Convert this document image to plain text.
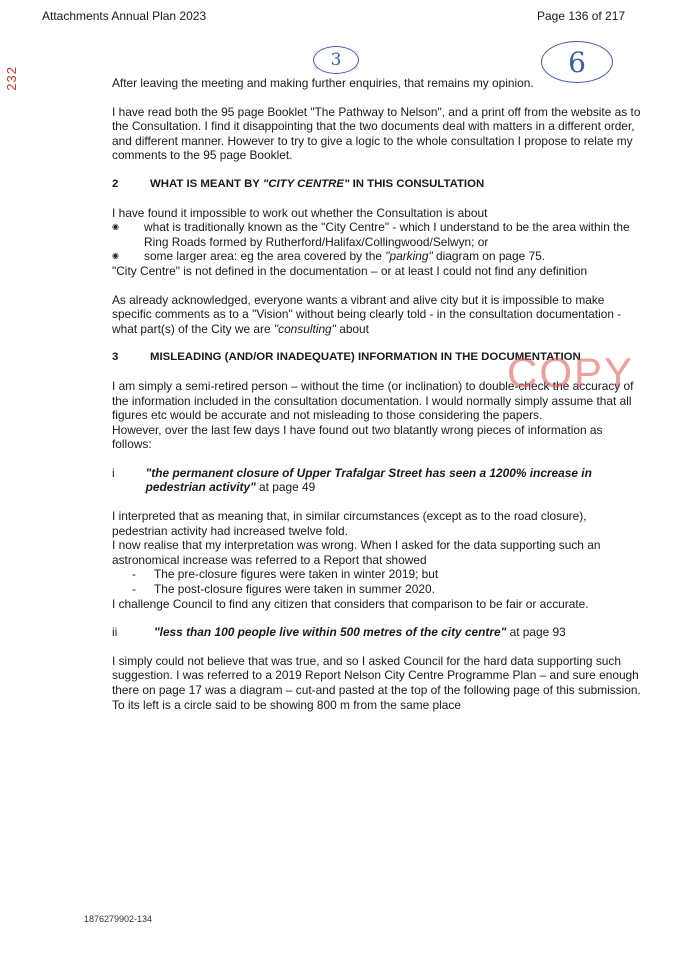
Attachments Annual Plan 2023	Page 136 of 217
232
3	6

After leaving the meeting and making further enquiries, that remains my opinion.

I have read both the 95 page Booklet "The Pathway to Nelson", and a print off from the website as to the Consultation. I find it disappointing that the two documents deal with matters in a different order, and different manner. However to try to give a logic to the whole consultation I propose to relate my comments to the 95 page Booklet.

2	WHAT IS MEANT BY "CITY CENTRE" IN THIS CONSULTATION

I have found it impossible to work out whether the Consultation is about

◉ what is traditionally known as the "City Centre" - which I understand to be the area within the Ring Roads formed by Rutherford/Halifax/Collingwood/Selwyn; or
◉ some larger area: eg the area covered by the "parking" diagram on page 75.

"City Centre" is not defined in the documentation – or at least I could not find any definition

As already acknowledged, everyone wants a vibrant and alive city but it is impossible to make specific comments as to a "Vision" without being clearly told - in the consultation documentation - what part(s) of the City we are "consulting" about

3	MISLEADING (AND/OR INADEQUATE) INFORMATION IN THE DOCUMENTATION

I am simply a semi-retired person – without the time (or inclination) to double-check the accuracy of the information included in the consultation documentation. I would normally simply assume that all figures etc would be accurate and not misleading to those considering the papers.

However, over the last few days I have found out two blatantly wrong pieces of information as follows:

i	"the permanent closure of Upper Trafalgar Street has seen a 1200% increase in pedestrian activity" at page 49

I interpreted that as meaning that, in similar circumstances (except as to the road closure), pedestrian activity had increased twelve fold.

I now realise that my interpretation was wrong. When I asked for the data supporting such an astronomical increase was referred to a Report that showed

- The pre-closure figures were taken in winter 2019; but
- The post-closure figures were taken in summer 2020.

I challenge Council to find any citizen that considers that comparison to be fair or accurate.

ii	"less than 100 people live within 500 metres of the city centre" at page 93

I simply could not believe that was true, and so I asked Council for the hard data supporting such suggestion. I was referred to a 2019 Report Nelson City Centre Programme Plan – and sure enough there on page 17 was a diagram – cut-and pasted at the top of the following page of this submission. To its left is a circle said to be showing 800 m from the same place

COPY
1876279902-134
